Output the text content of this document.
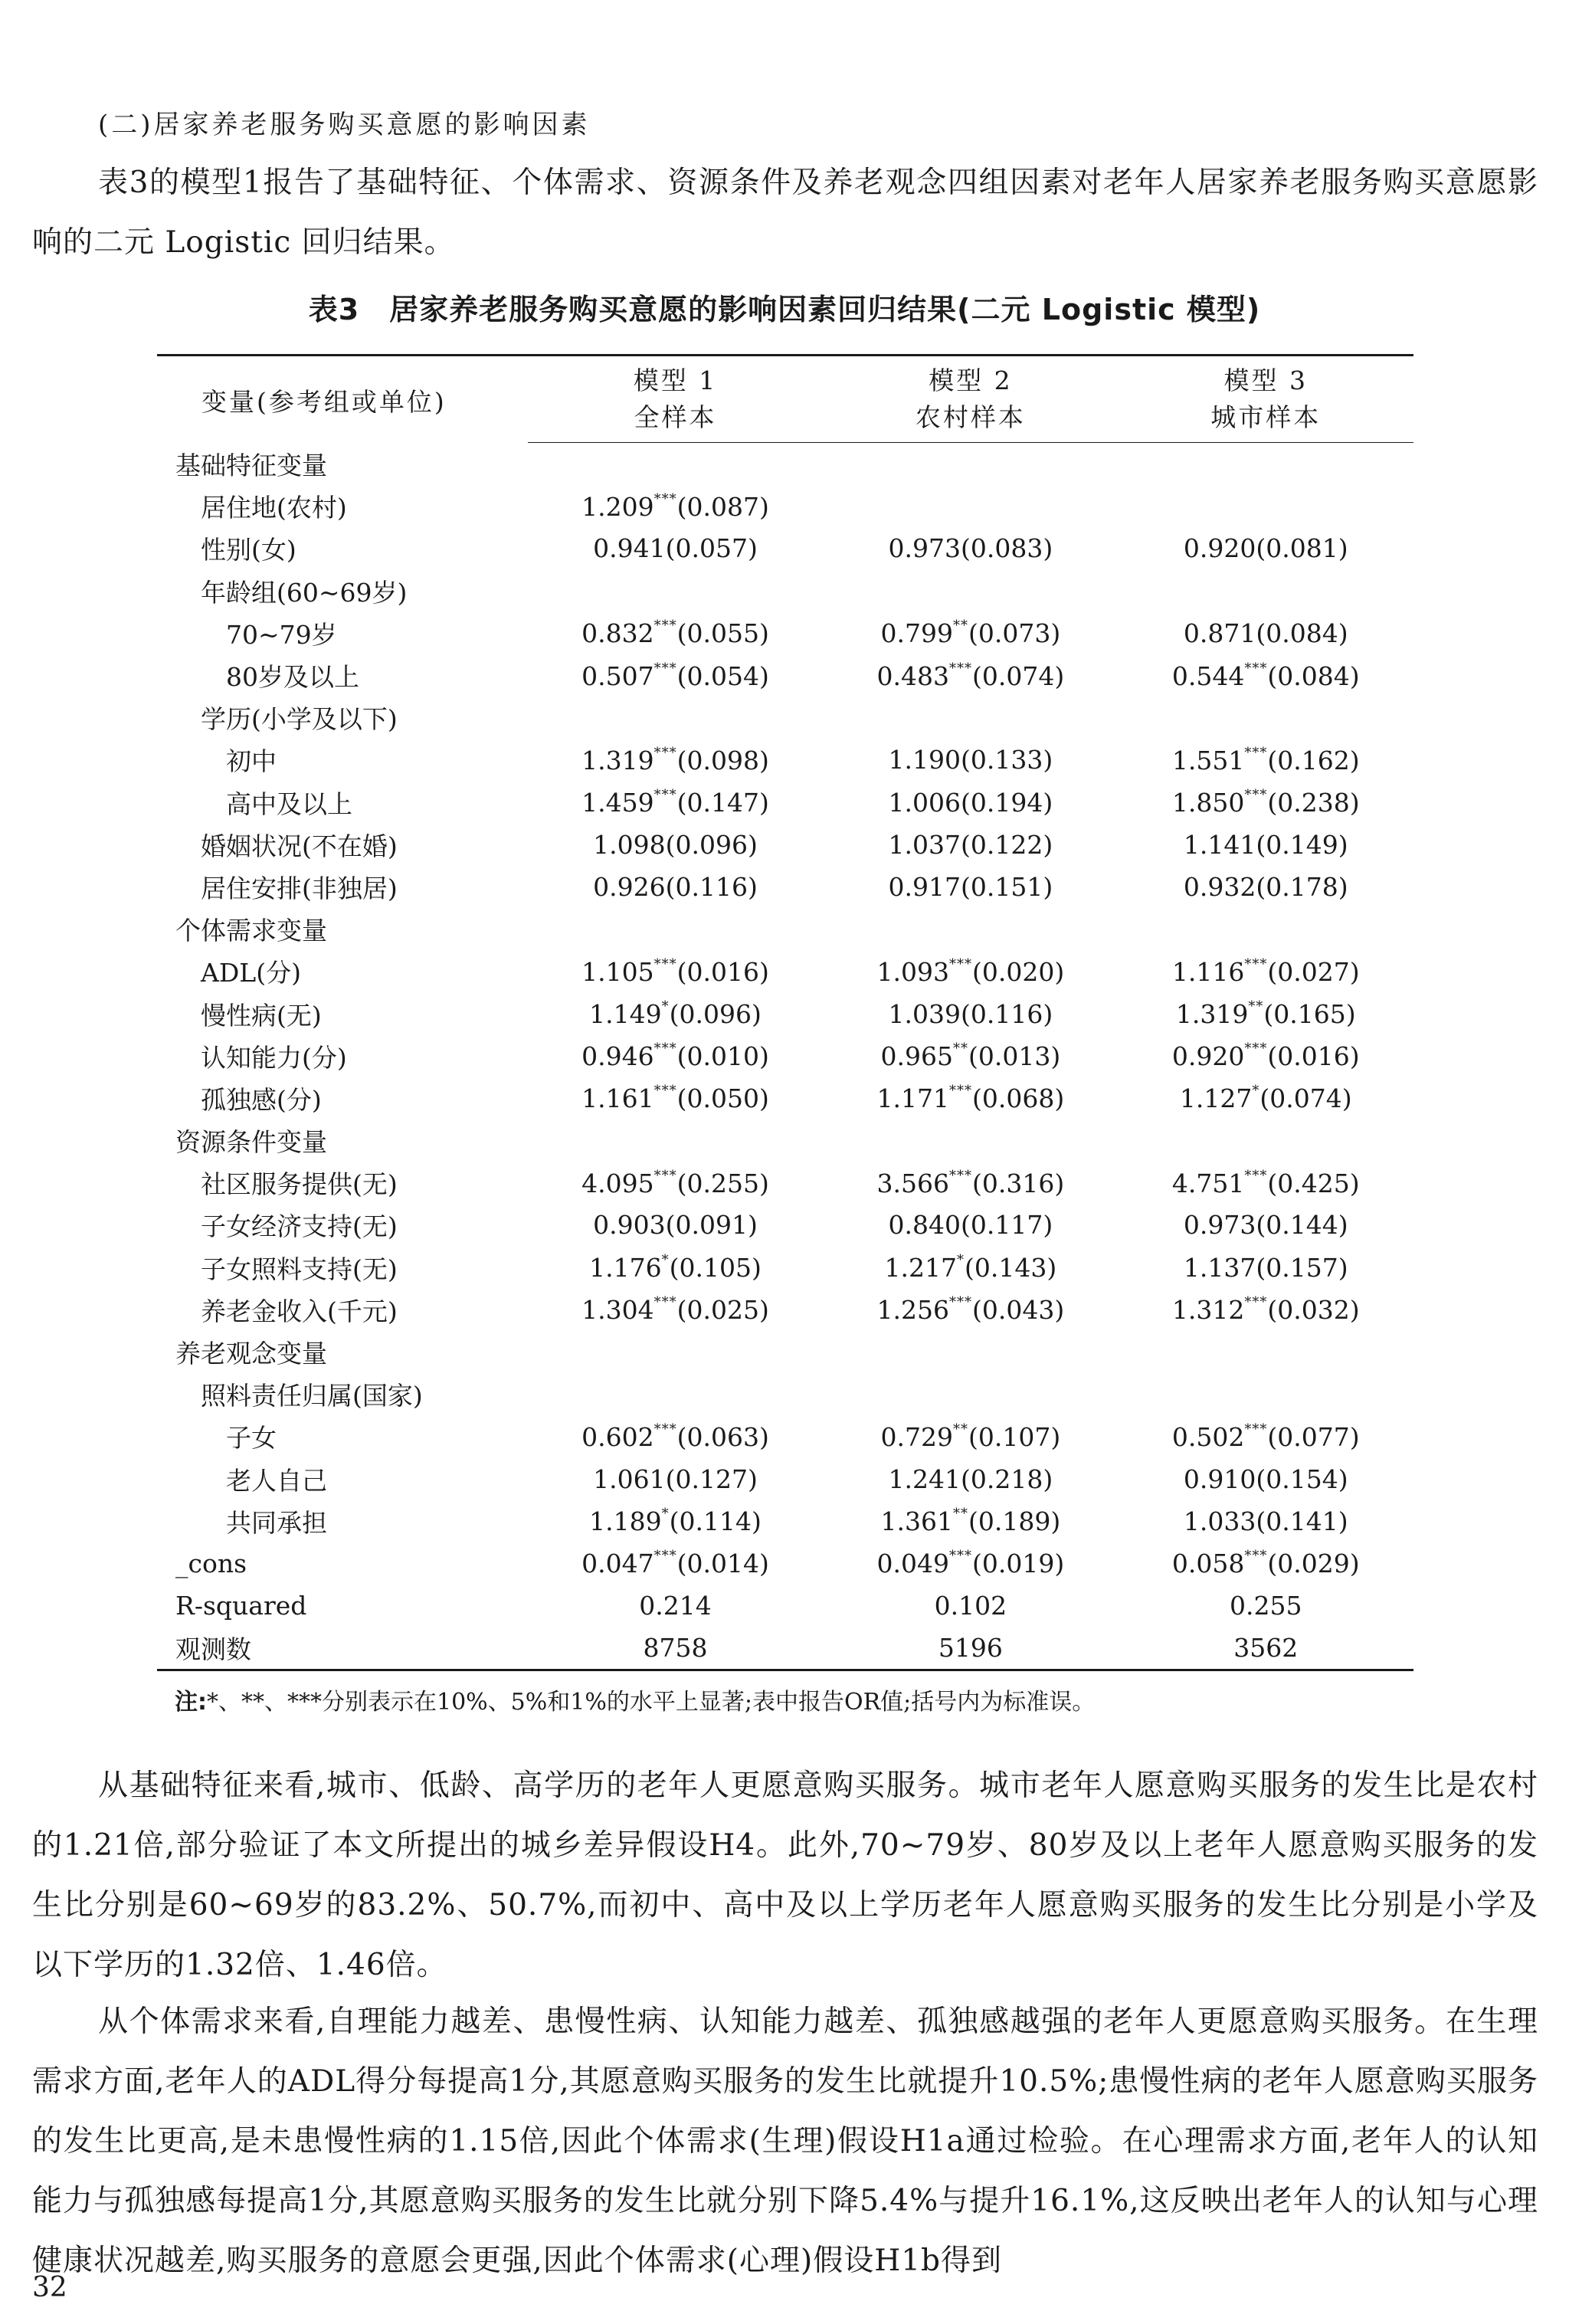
(二)居家养老服务购买意愿的影响因素

表3的模型1报告了基础特征、个体需求、资源条件及养老观念四组因素对老年人居家养老服务购买意愿影响的二元 Logistic 回归结果。

表3　居家养老服务购买意愿的影响因素回归结果(二元 Logistic 模型)
变量(参考组或单位)	模型 1	模型 2	模型 3
	全样本	农村样本	城市样本
基础特征变量			
居住地(农村)	1.209***(0.087)		
性别(女)	0.941(0.057)	0.973(0.083)	0.920(0.081)
年龄组(60~69岁)			
70~79岁	0.832***(0.055)	0.799**(0.073)	0.871(0.084)
80岁及以上	0.507***(0.054)	0.483***(0.074)	0.544***(0.084)
学历(小学及以下)			
初中	1.319***(0.098)	1.190(0.133)	1.551***(0.162)
高中及以上	1.459***(0.147)	1.006(0.194)	1.850***(0.238)
婚姻状况(不在婚)	1.098(0.096)	1.037(0.122)	1.141(0.149)
居住安排(非独居)	0.926(0.116)	0.917(0.151)	0.932(0.178)
个体需求变量			
ADL(分)	1.105***(0.016)	1.093***(0.020)	1.116***(0.027)
慢性病(无)	1.149*(0.096)	1.039(0.116)	1.319**(0.165)
认知能力(分)	0.946***(0.010)	0.965**(0.013)	0.920***(0.016)
孤独感(分)	1.161***(0.050)	1.171***(0.068)	1.127*(0.074)
资源条件变量			
社区服务提供(无)	4.095***(0.255)	3.566***(0.316)	4.751***(0.425)
子女经济支持(无)	0.903(0.091)	0.840(0.117)	0.973(0.144)
子女照料支持(无)	1.176*(0.105)	1.217*(0.143)	1.137(0.157)
养老金收入(千元)	1.304***(0.025)	1.256***(0.043)	1.312***(0.032)
养老观念变量			
照料责任归属(国家)			
子女	0.602***(0.063)	0.729**(0.107)	0.502***(0.077)
老人自己	1.061(0.127)	1.241(0.218)	0.910(0.154)
共同承担	1.189*(0.114)	1.361**(0.189)	1.033(0.141)
_cons	0.047***(0.014)	0.049***(0.019)	0.058***(0.029)
R-squared	0.214	0.102	0.255
观测数	8758	5196	3562
注:*、**、***分别表示在10%、5%和1%的水平上显著;表中报告OR值;括号内为标准误。

从基础特征来看,城市、低龄、高学历的老年人更愿意购买服务。城市老年人愿意购买服务的发生比是农村的1.21倍,部分验证了本文所提出的城乡差异假设H4。此外,70~79岁、80岁及以上老年人愿意购买服务的发生比分别是60~69岁的83.2%、50.7%,而初中、高中及以上学历老年人愿意购买服务的发生比分别是小学及以下学历的1.32倍、1.46倍。

从个体需求来看,自理能力越差、患慢性病、认知能力越差、孤独感越强的老年人更愿意购买服务。在生理需求方面,老年人的ADL得分每提高1分,其愿意购买服务的发生比就提升10.5%;患慢性病的老年人愿意购买服务的发生比更高,是未患慢性病的1.15倍,因此个体需求(生理)假设H1a通过检验。在心理需求方面,老年人的认知能力与孤独感每提高1分,其愿意购买服务的发生比就分别下降5.4%与提升16.1%,这反映出老年人的认知与心理健康状况越差,购买服务的意愿会更强,因此个体需求(心理)假设H1b得到

32
